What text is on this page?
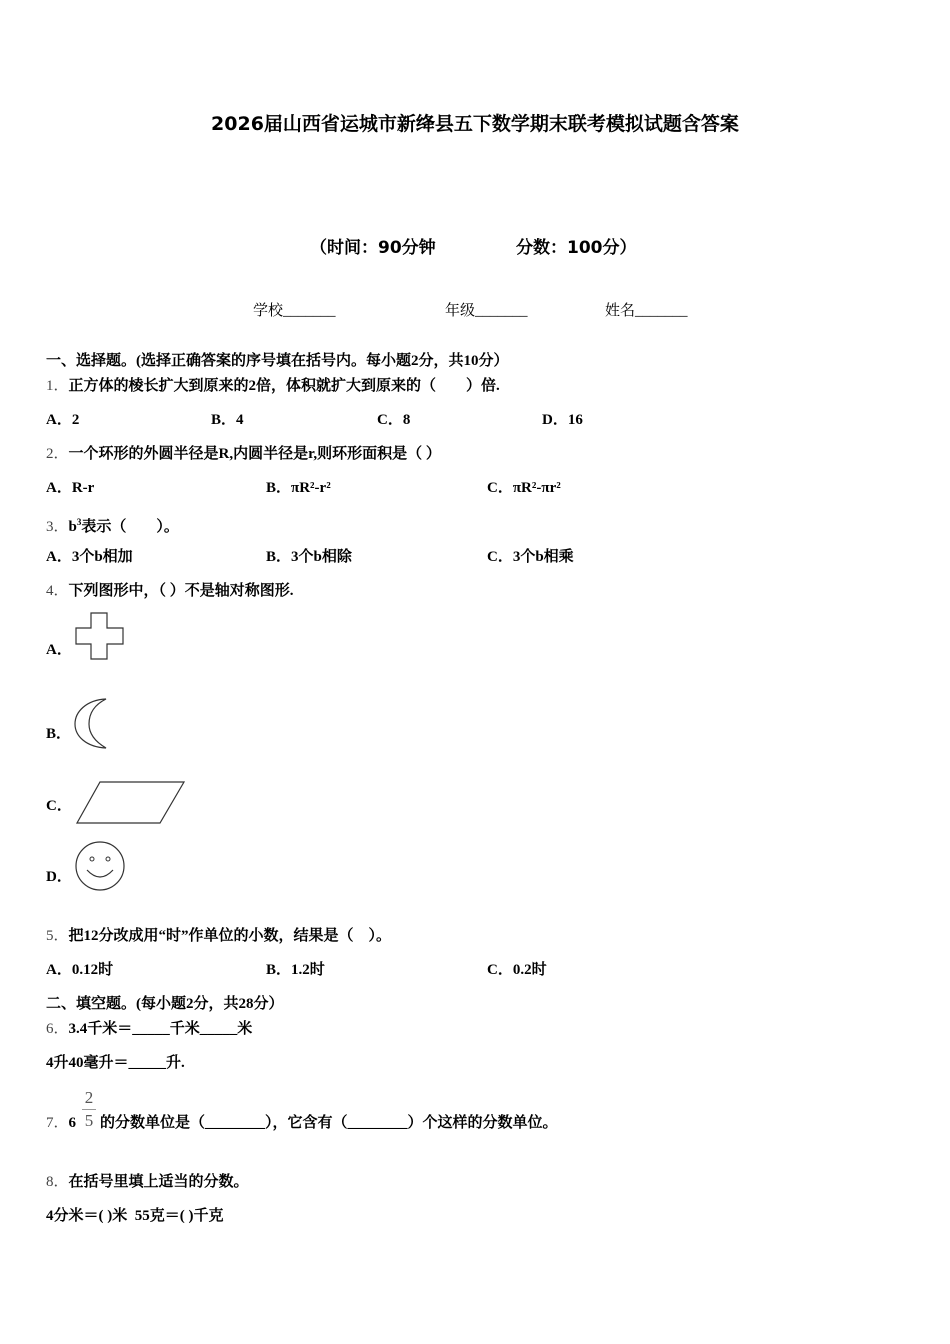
2026届山西省运城市新绛县五下数学期末联考模拟试题含答案
（时间：90分钟	分数：100分）
学校_______	年级_______	姓名_______
一、选择题。(选择正确答案的序号填在括号内。每小题2分，共10分）
1．正方体的棱长扩大到原来的2倍，体积就扩大到原来的（　　）倍.
A．2	B．4	C．8	D．16
2．一个环形的外圆半径是R,内圆半径是r,则环形面积是（ ）
A．R-r	B．πR²-r²	C．πR²-πr²
3．$b^3$表示（　　）。
A．3个b相加	B．3个b相除	C．3个b相乘
4．下列图形中，（ ）不是轴对称图形.
A．
B．
C．
D．
5．把12分改成用“时”作单位的小数，结果是（　）。
A．0.12时	B．1.2时	C．0.2时
二、填空题。(每小题2分，共28分）
6．3.4千米＝_____千米_____米
4升40毫升＝_____升.
7．6 的分数单位是（________），它含有（________）个这样的分数单位。
2
5
8．在括号里填上适当的分数。
4分米＝( )米  55克＝( )千克
